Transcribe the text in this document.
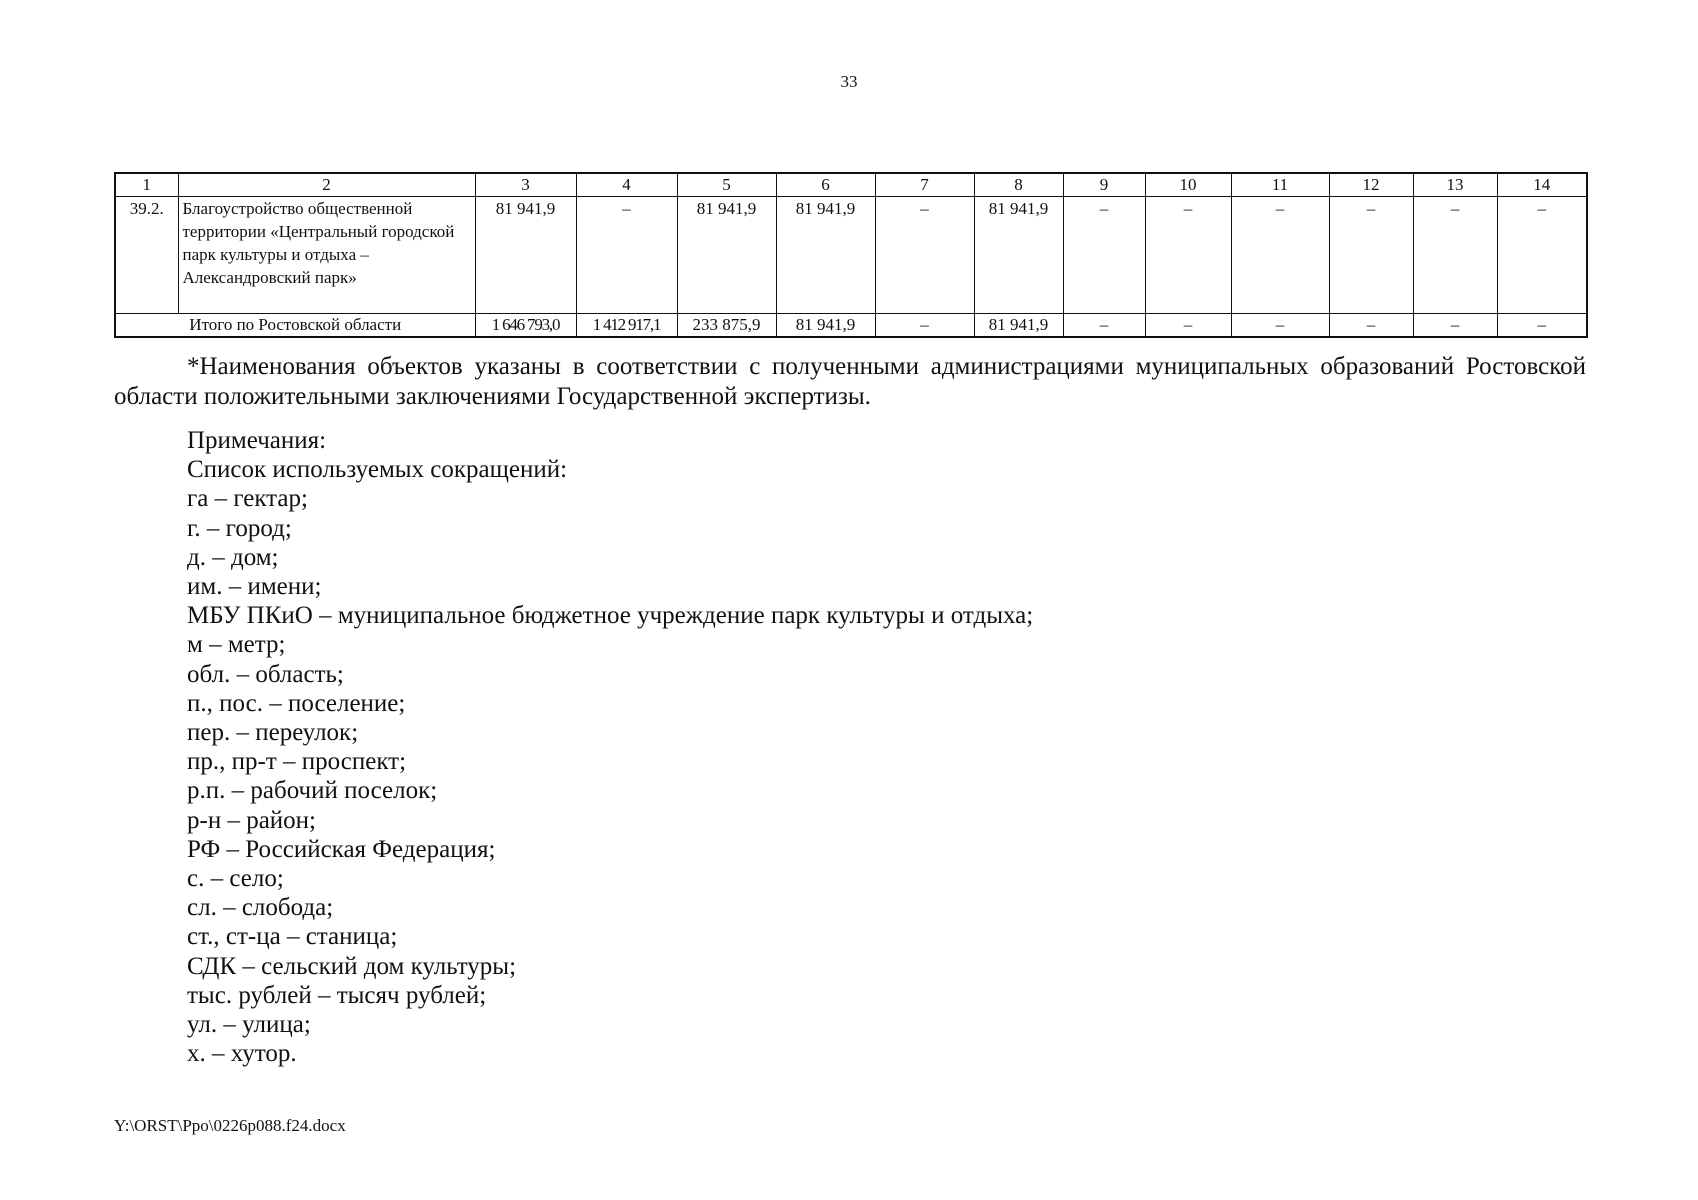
33
1	2	3	4	5	6	7	8	9	10	11	12	13	14
39.2.	Благоустройство общественной территории «Центральный городской парк культуры и отдыха – Александровский парк»	81 941,9	–	81 941,9	81 941,9	–	81 941,9	–	–	–	–	–	–
Итого по Ростовской области		1 646 793,0	1 412 917,1	233 875,9	81 941,9	–	81 941,9	–	–	–	–	–	–
*Наименования объектов указаны в соответствии с полученными администрациями муниципальных образований Ростовской области положительными заключениями Государственной экспертизы.
Примечания:
Список используемых сокращений:
га – гектар;
г. – город;
д. – дом;
им. – имени;
МБУ ПКиО – муниципальное бюджетное учреждение парк культуры и отдыха;
м – метр;
обл. – область;
п., пос. – поселение;
пер. – переулок;
пр., пр-т – проспект;
р.п. – рабочий поселок;
р-н – район;
РФ – Российская Федерация;
с. – село;
сл. – слобода;
ст., ст-ца – станица;
СДК – сельский дом культуры;
тыс. рублей – тысяч рублей;
ул. – улица;
х. – хутор.
Y:\ORST\Ppo\0226p088.f24.docx
